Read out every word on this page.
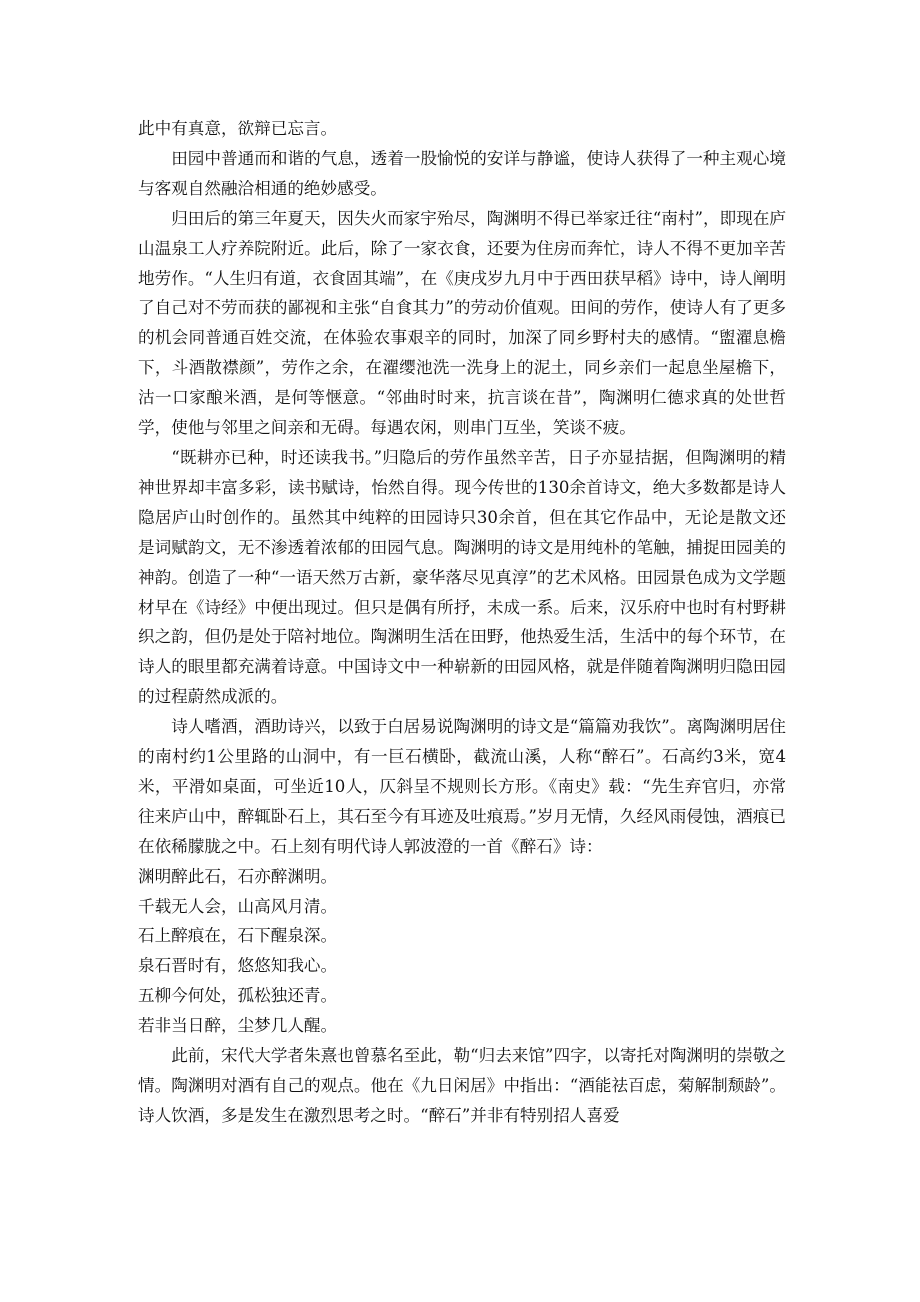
此中有真意，欲辩已忘言。

田园中普通而和谐的气息，透着一股愉悦的安详与静谧，使诗人获得了一种主观心境与客观自然融洽相通的绝妙感受。

归田后的第三年夏天，因失火而家宇殆尽，陶渊明不得已举家迁往“南村”，即现在庐山温泉工人疗养院附近。此后，除了一家衣食，还要为住房而奔忙，诗人不得不更加辛苦地劳作。“人生归有道，衣食固其端”，在《庚戌岁九月中于西田获早稻》诗中，诗人阐明了自己对不劳而获的鄙视和主张“自食其力”的劳动价值观。田间的劳作，使诗人有了更多的机会同普通百姓交流，在体验农事艰辛的同时，加深了同乡野村夫的感情。“盥濯息檐下，斗酒散襟颜”，劳作之余，在濯缨池洗一洗身上的泥土，同乡亲们一起息坐屋檐下，沽一口家酿米酒，是何等惬意。“邻曲时时来，抗言谈在昔”，陶渊明仁德求真的处世哲学，使他与邻里之间亲和无碍。每遇农闲，则串门互坐，笑谈不疲。

“既耕亦已种，时还读我书。”归隐后的劳作虽然辛苦，日子亦显拮据，但陶渊明的精神世界却丰富多彩，读书赋诗，怡然自得。现今传世的130余首诗文，绝大多数都是诗人隐居庐山时创作的。虽然其中纯粹的田园诗只30余首，但在其它作品中，无论是散文还是词赋韵文，无不渗透着浓郁的田园气息。陶渊明的诗文是用纯朴的笔触，捕捉田园美的神韵。创造了一种“一语天然万古新，豪华落尽见真淳”的艺术风格。田园景色成为文学题材早在《诗经》中便出现过。但只是偶有所抒，未成一系。后来，汉乐府中也时有村野耕织之韵，但仍是处于陪衬地位。陶渊明生活在田野，他热爱生活，生活中的每个环节，在诗人的眼里都充满着诗意。中国诗文中一种崭新的田园风格，就是伴随着陶渊明归隐田园的过程蔚然成派的。

诗人嗜酒，酒助诗兴，以致于白居易说陶渊明的诗文是“篇篇劝我饮”。离陶渊明居住的南村约1公里路的山洞中，有一巨石横卧，截流山溪，人称“醉石”。石高约3米，宽4米，平滑如桌面，可坐近10人，仄斜呈不规则长方形。《南史》载：“先生弃官归，亦常往来庐山中，醉辄卧石上，其石至今有耳迹及吐痕焉。”岁月无情，久经风雨侵蚀，酒痕已在依稀朦胧之中。石上刻有明代诗人郭波澄的一首《醉石》诗：

渊明醉此石，石亦醉渊明。

千载无人会，山高风月清。

石上醉痕在，石下醒泉深。

泉石晋时有，悠悠知我心。

五柳今何处，孤松独还青。

若非当日醉，尘梦几人醒。

此前，宋代大学者朱熹也曾慕名至此，勒“归去来馆”四字，以寄托对陶渊明的崇敬之情。陶渊明对酒有自己的观点。他在《九日闲居》中指出：“酒能祛百虑，菊解制颓龄”。诗人饮酒，多是发生在激烈思考之时。“醉石”并非有特别招人喜爱
